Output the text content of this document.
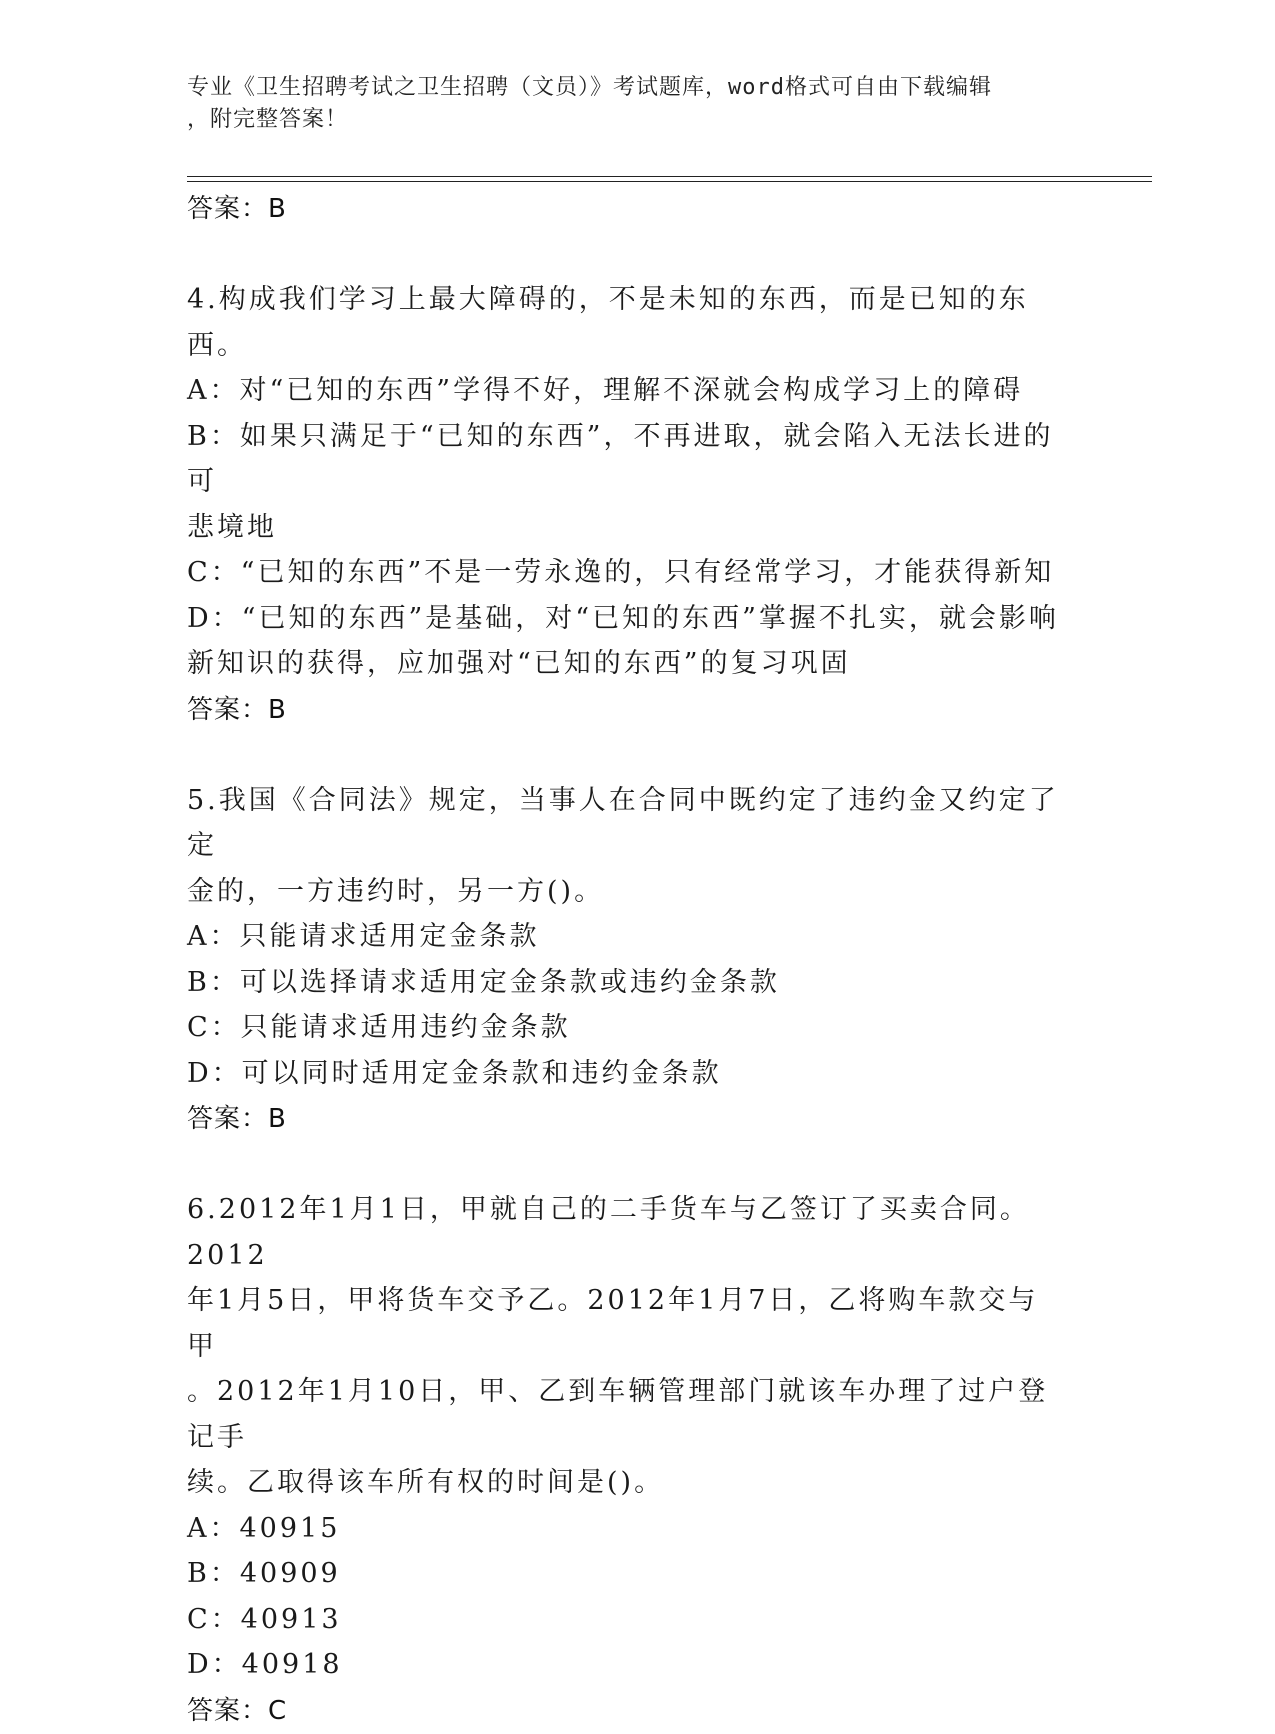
专业《卫生招聘考试之卫生招聘（文员）》考试题库，word格式可自由下载编辑
，附完整答案！
答案：B
4.构成我们学习上最大障碍的，不是未知的东西，而是已知的东西。
A：对“已知的东西”学得不好，理解不深就会构成学习上的障碍
B：如果只满足于“已知的东西”，不再进取，就会陷入无法长进的可
悲境地
C：“已知的东西”不是一劳永逸的，只有经常学习，才能获得新知
D：“已知的东西”是基础，对“已知的东西”掌握不扎实，就会影响
新知识的获得，应加强对“已知的东西”的复习巩固
答案：B
5.我国《合同法》规定，当事人在合同中既约定了违约金又约定了定
金的，一方违约时，另一方()。
A：只能请求适用定金条款
B：可以选择请求适用定金条款或违约金条款
C：只能请求适用违约金条款
D：可以同时适用定金条款和违约金条款
答案：B
6.2012年1月1日，甲就自己的二手货车与乙签订了买卖合同。2012
年1月5日，甲将货车交予乙。2012年1月7日，乙将购车款交与甲
。2012年1月10日，甲、乙到车辆管理部门就该车办理了过户登记手
续。乙取得该车所有权的时间是()。
A：40915
B：40909
C：40913
D：40918
答案：C
